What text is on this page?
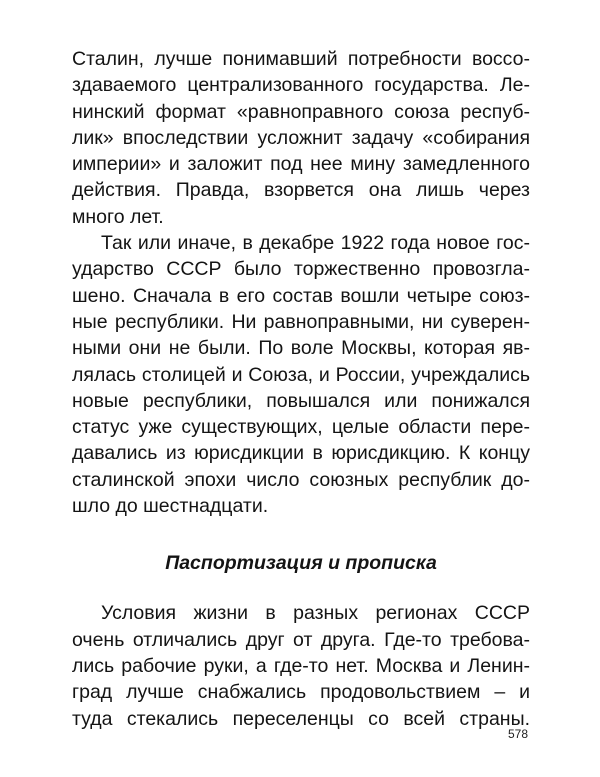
Сталин, лучше понимавший потребности воссо-
здаваемого централизованного государства. Ле-
нинский формат «равноправного союза респуб-
лик» впоследствии усложнит задачу «собирания
империи» и заложит под нее мину замедленного
действия. Правда, взорвется она лишь через
много лет.
Так или иначе, в декабре 1922 года новое гос-
ударство СССР было торжественно провозгла-
шено. Сначала в его состав вошли четыре союз-
ные республики. Ни равноправными, ни суверен-
ными они не были. По воле Москвы, которая яв-
лялась столицей и Союза, и России, учреждались
новые республики, повышался или понижался
статус уже существующих, целые области пере-
давались из юрисдикции в юрисдикцию. К концу
сталинской эпохи число союзных республик до-
шло до шестнадцати.
Паспортизация и прописка
Условия жизни в разных регионах СССР
очень отличались друг от друга. Где-то требова-
лись рабочие руки, а где-то нет. Москва и Ленин-
град лучше снабжались продовольствием – и
туда стекались переселенцы со всей страны.
578
